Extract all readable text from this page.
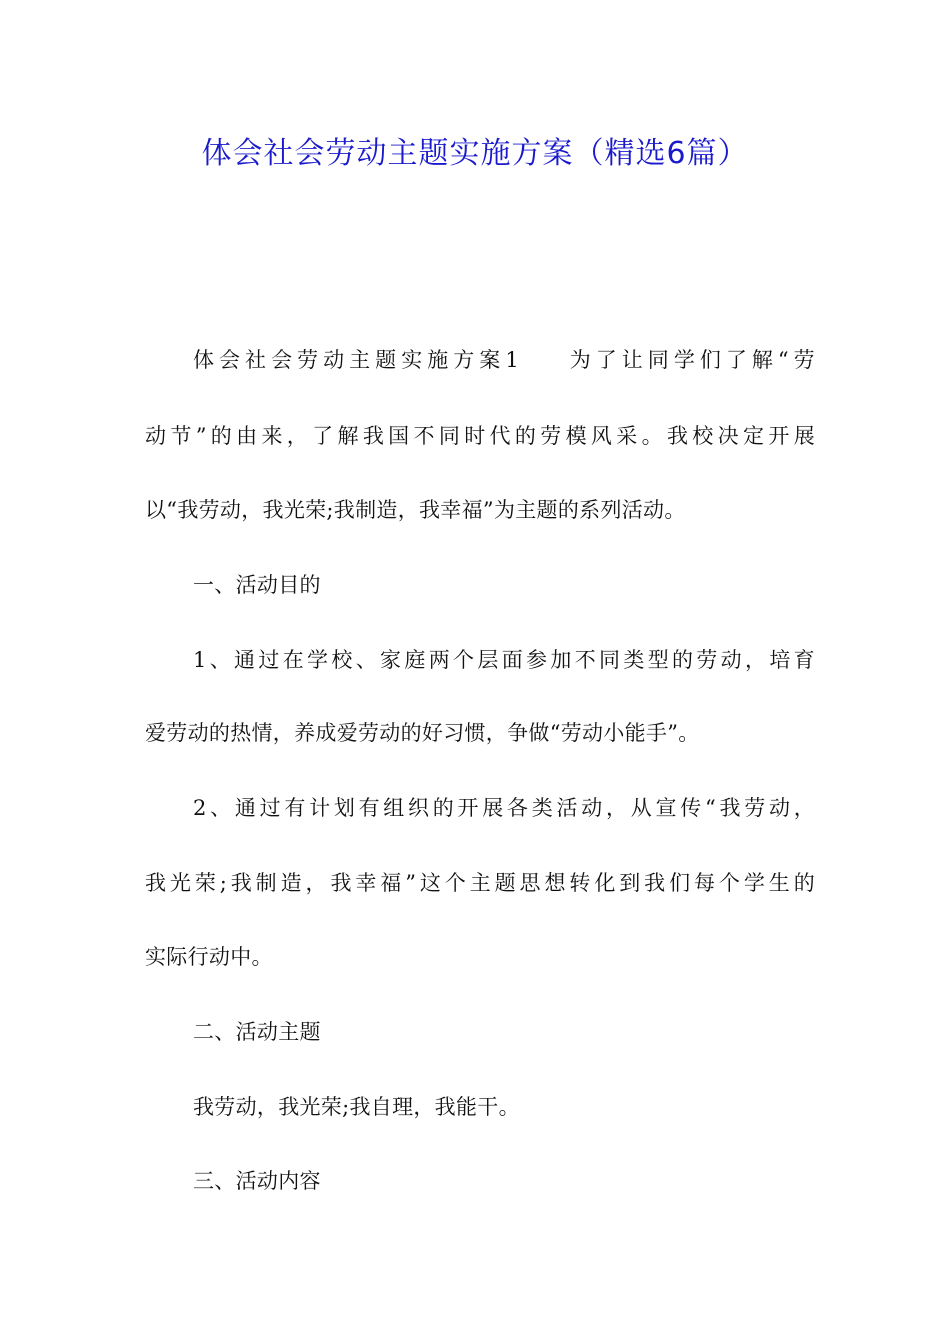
体会社会劳动主题实施方案（精选6篇）
体会社会劳动主题实施方案1 为了让同学们了解“劳
动节”的由来，了解我国不同时代的劳模风采。我校决定开展
以“我劳动，我光荣;我制造，我幸福”为主题的系列活动。
一、活动目的
1、通过在学校、家庭两个层面参加不同类型的劳动，培育
爱劳动的热情，养成爱劳动的好习惯，争做“劳动小能手”。
2、通过有计划有组织的开展各类活动，从宣传“我劳动，
我光荣;我制造，我幸福”这个主题思想转化到我们每个学生的
实际行动中。
二、活动主题
我劳动，我光荣;我自理，我能干。
三、活动内容
